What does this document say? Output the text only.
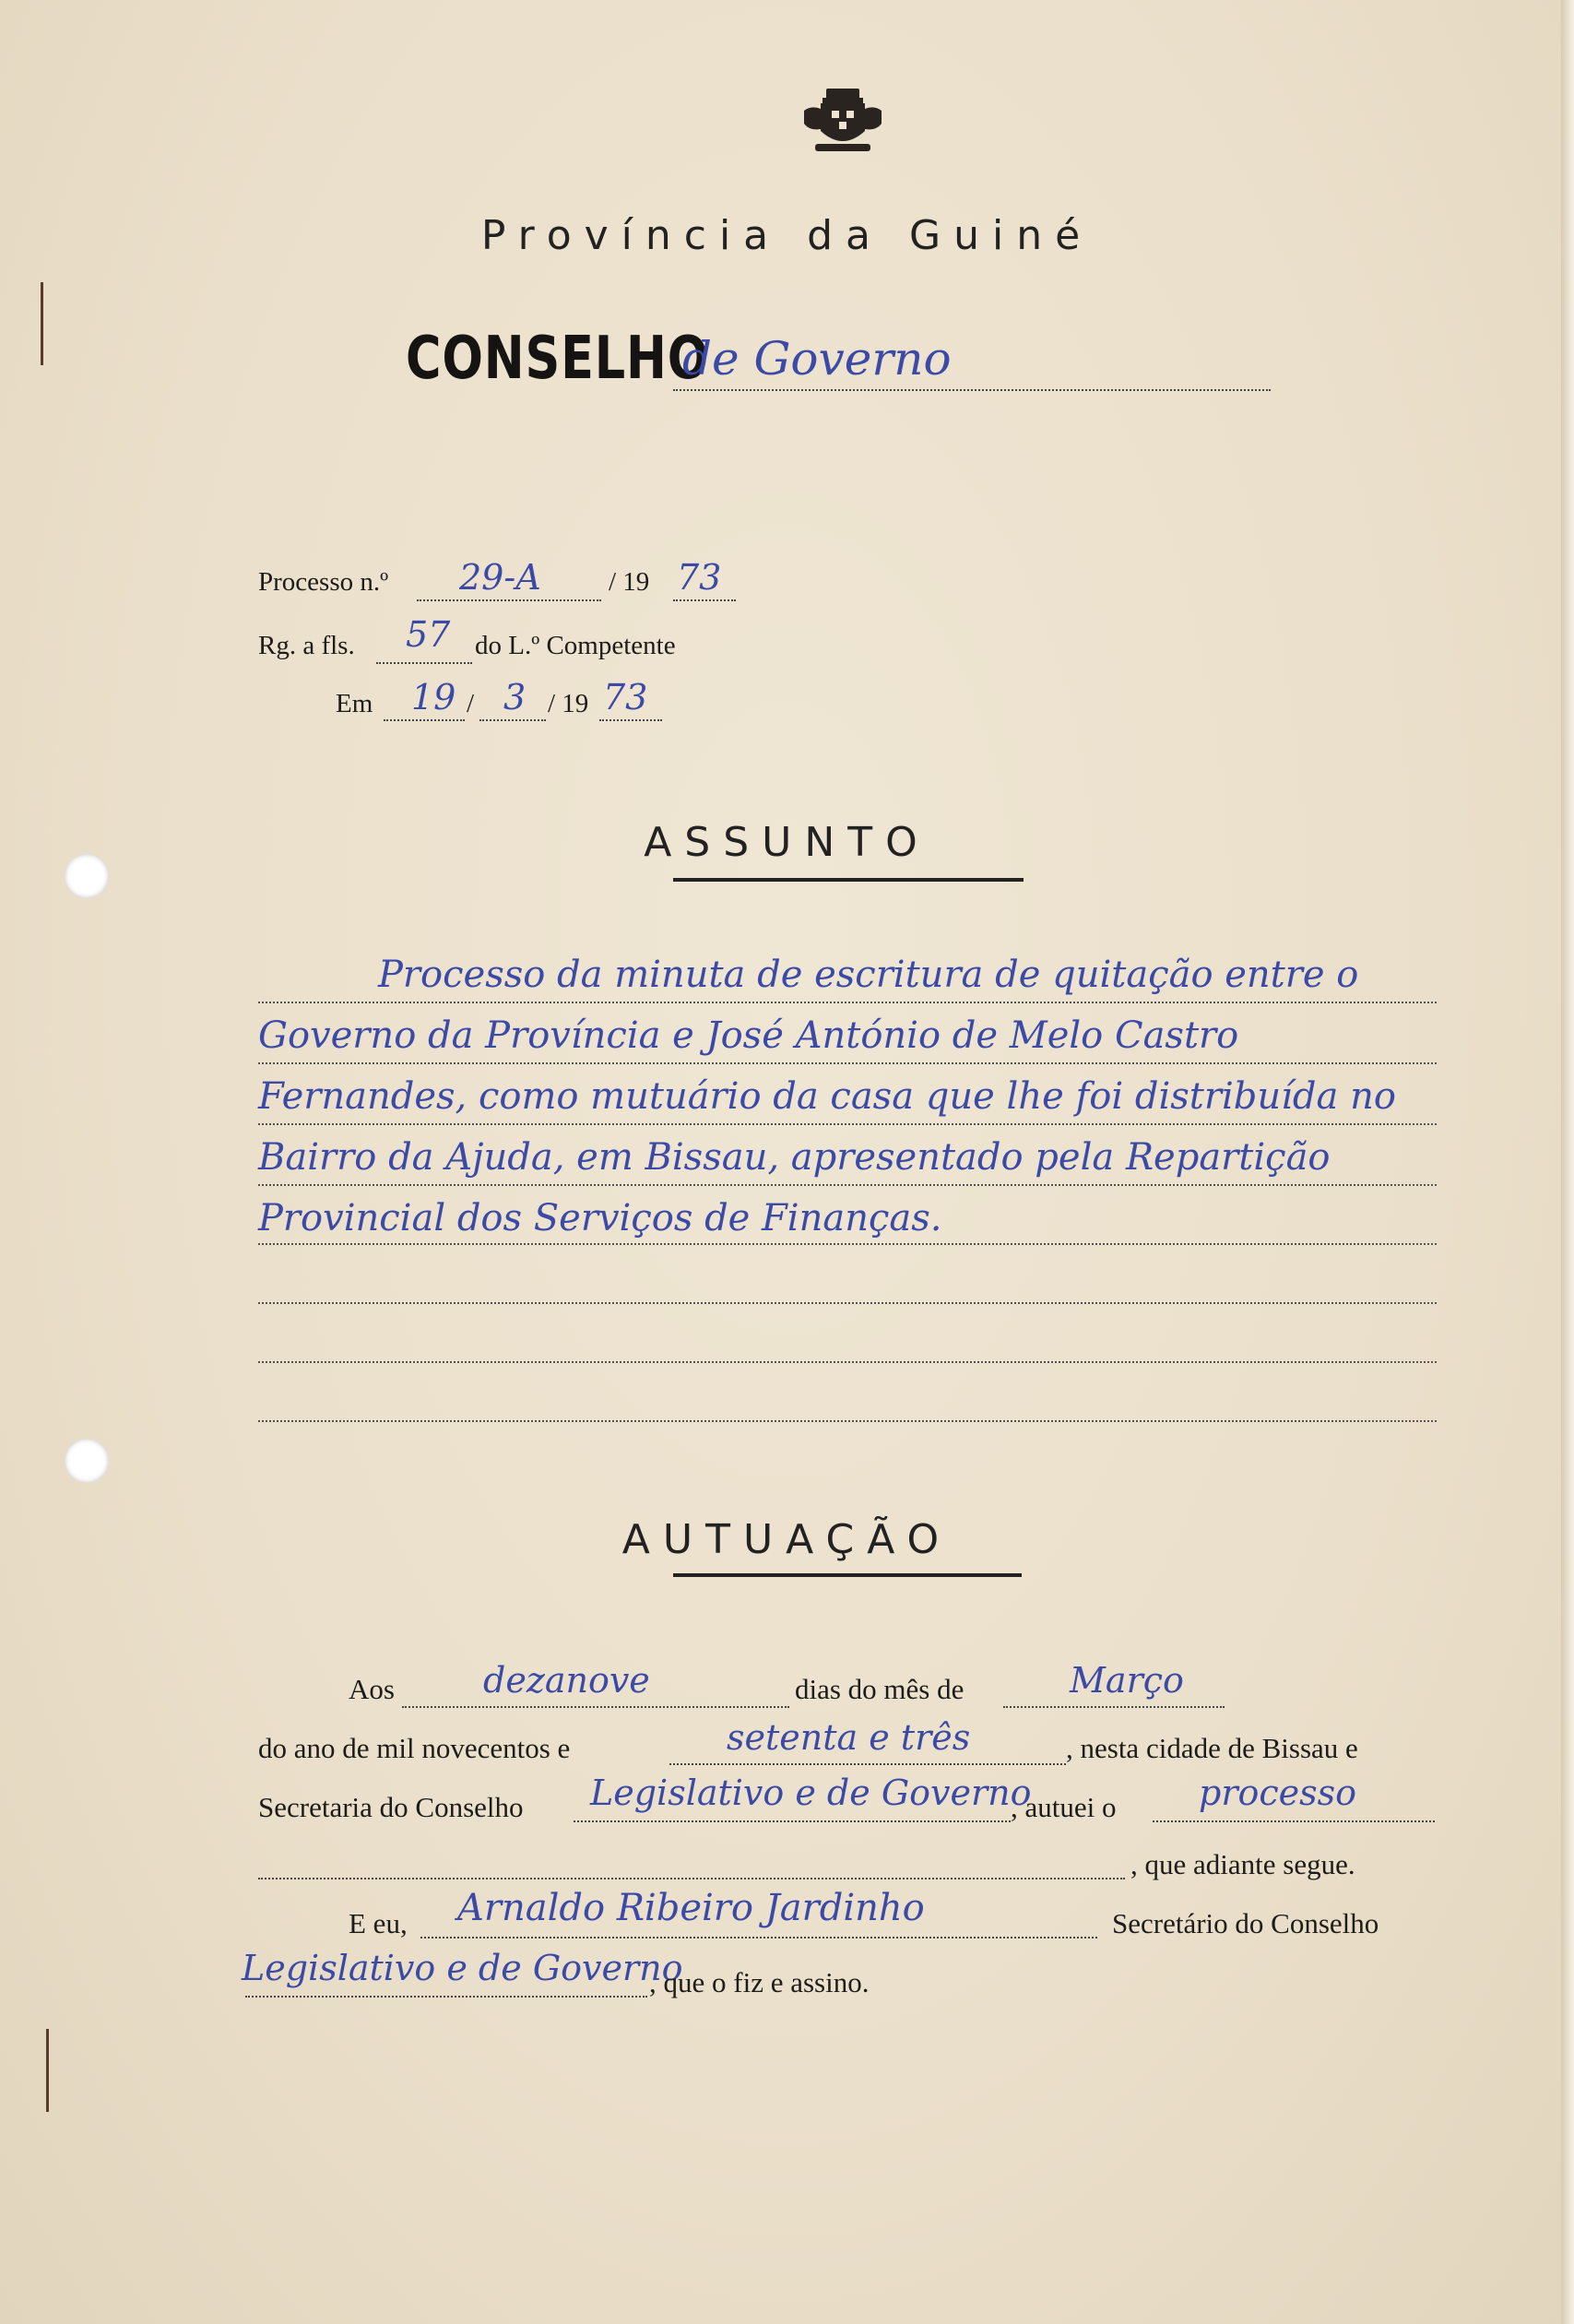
Província da Guiné
CONSELHO
de Governo
Processo n.º 29-A	/ 19 73
Rg. a fls. 57 do L.º Competente
Em 19 / 3 / 19 73
ASSUNTO
Processo da minuta de escritura de quitação entre o Governo da Província e José António de Melo Castro Fernandes, como mutuário da casa que lhe foi distribuída no Bairro da Ajuda, em Bissau, apresentado pela Repartição Provincial dos Serviços de Finanças.
AUTUAÇÃO
Aos	dezanove	dias do mês de	Março
do ano de mil novecentos e	setenta e três	, nesta cidade de Bissau e
Secretaria do Conselho Legislativo e de Governo
, autuei o processo
, que adiante segue.
E eu, Arnaldo Ribeiro Jardinho	Secretário do Conselho
Legislativo e de Governo
, que o fiz e assino.
